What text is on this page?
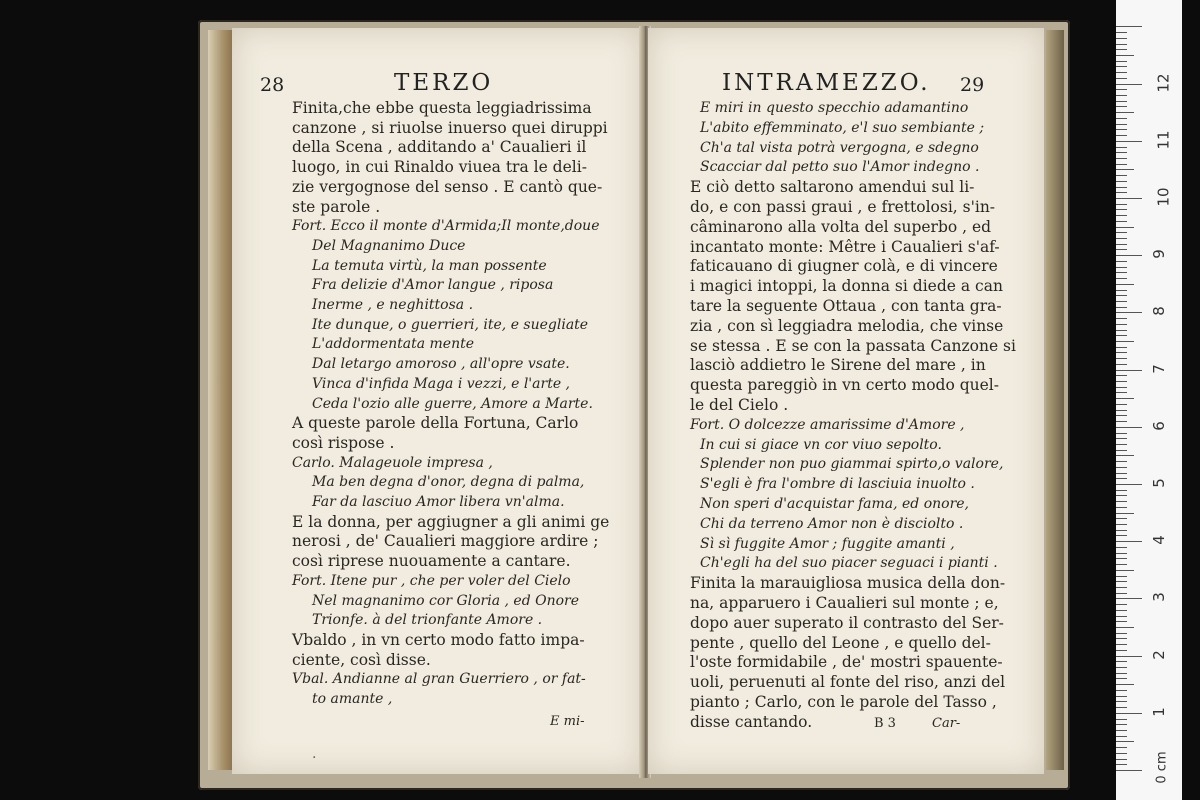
28	TERZO
Finita,che ebbe questa leggiadrissima
canzone , si riuolse inuerso quei diruppi
della Scena , additando a' Caualieri il
luogo, in cui Rinaldo viuea tra le deli-
zie vergognose del senso . E cantò que-
ste parole .
Fort. Ecco il monte d'Armida;Il monte,doue
Del Magnanimo Duce
La temuta virtù, la man possente
Fra delizie d'Amor langue , riposa
Inerme , e neghittosa .
Ite dunque, o guerrieri, ite, e suegliate
L'addormentata mente
Dal letargo amoroso , all'opre vsate.
Vinca d'infida Maga i vezzi, e l'arte ,
Ceda l'ozio alle guerre, Amore a Marte.
A queste parole della Fortuna, Carlo
così rispose .
Carlo. Malageuole impresa ,
Ma ben degna d'onor, degna di palma,
Far da lasciuo Amor libera vn'alma.
E la donna, per aggiugner a gli animi ge
nerosi , de' Caualieri maggiore ardire ;
così riprese nuouamente a cantare.
Fort. Itene pur , che per voler del Cielo
Nel magnanimo cor Gloria , ed Onore
Trionfe. à del trionfante Amore .
Vbaldo , in vn certo modo fatto impa-
ciente, così disse.
Vbal. Andianne al gran Guerriero , or fat-
to amante ,
E mi-
.
INTRAMEZZO. 29
E miri in questo specchio adamantino
L'abito effemminato, e'l suo sembiante ;
Ch'a tal vista potrà vergogna, e sdegno
Scacciar dal petto suo l'Amor indegno .
E ciò detto saltarono amendui sul li-
do, e con passi graui , e frettolosi, s'in-
câminarono alla volta del superbo , ed
incantato monte: Mêtre i Caualieri s'af-
faticauano di giugner colà, e di vincere
i magici intoppi, la donna si diede a can
tare la seguente Ottaua , con tanta gra-
zia , con sì leggiadra melodia, che vinse
se stessa . E se con la passata Canzone si
lasciò addietro le Sirene del mare , in
questa pareggiò in vn certo modo quel-
le del Cielo .
Fort. O dolcezze amarissime d'Amore ,
In cui si giace vn cor viuo sepolto.
Splender non puo giammai spirto,o valore,
S'egli è fra l'ombre di lasciuia inuolto .
Non speri d'acquistar fama, ed onore,
Chi da terreno Amor non è disciolto .
Sì sì fuggite Amor ; fuggite amanti ,
Ch'egli ha del suo piacer seguaci i pianti .
Finita la marauigliosa musica della don-
na, apparuero i Caualieri sul monte ; e,
dopo auer superato il contrasto del Ser-
pente , quello del Leone , e quello del-
l'oste formidabile , de' mostri spauente-
uoli, peruenuti al fonte del riso, anzi del
pianto ; Carlo, con le parole del Tasso ,
disse cantando.	B 3	Car-
1
2
3
4
5
6
7
8
9
10
11
12
0 cm
